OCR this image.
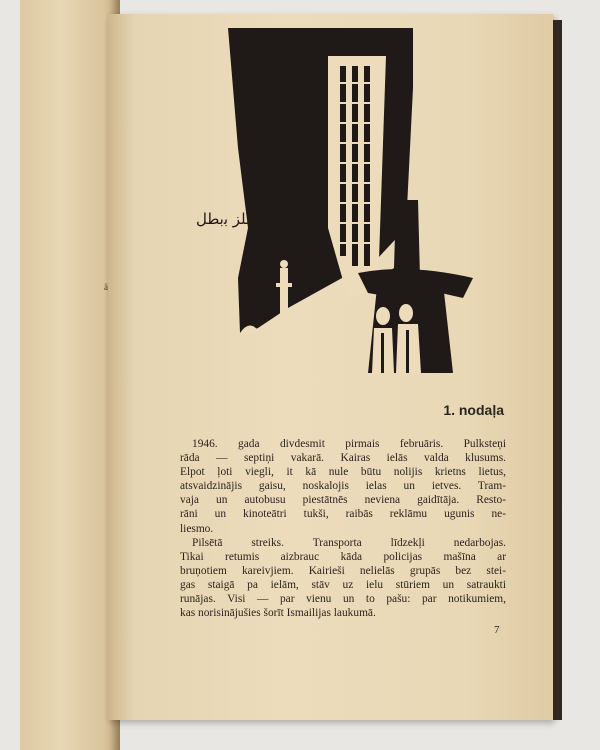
ä
ﻏﻤﻠﺰ ﺑﺑﻄﻞ
1. nodaļa
1946. gada divdesmit pirmais februāris. Pulksteņi
rāda — septiņi vakarā. Kairas ielās valda klusums.
Elpot ļoti viegli, it kā nule būtu nolijis krietns lietus,
atsvaidzinājis gaisu, noskalojis ielas un ietves. Tram-
vaja un autobusu piestātnēs neviena gaidītāja. Resto-
rāni un kinoteātri tukši, raibās reklāmu ugunis ne-
liesmo.
Pilsētā streiks. Transporta līdzekļi nedarbojas.
Tikai retumis aizbrauc kāda policijas mašīna ar
bruņotiem kareivjiem. Kairieši nelielās grupās bez stei-
gas staigā pa ielām, stāv uz ielu stūriem un satraukti
runājas. Visi — par vienu un to pašu: par notikumiem,
kas norisinājušies šorīt Ismailijas laukumā.
7
